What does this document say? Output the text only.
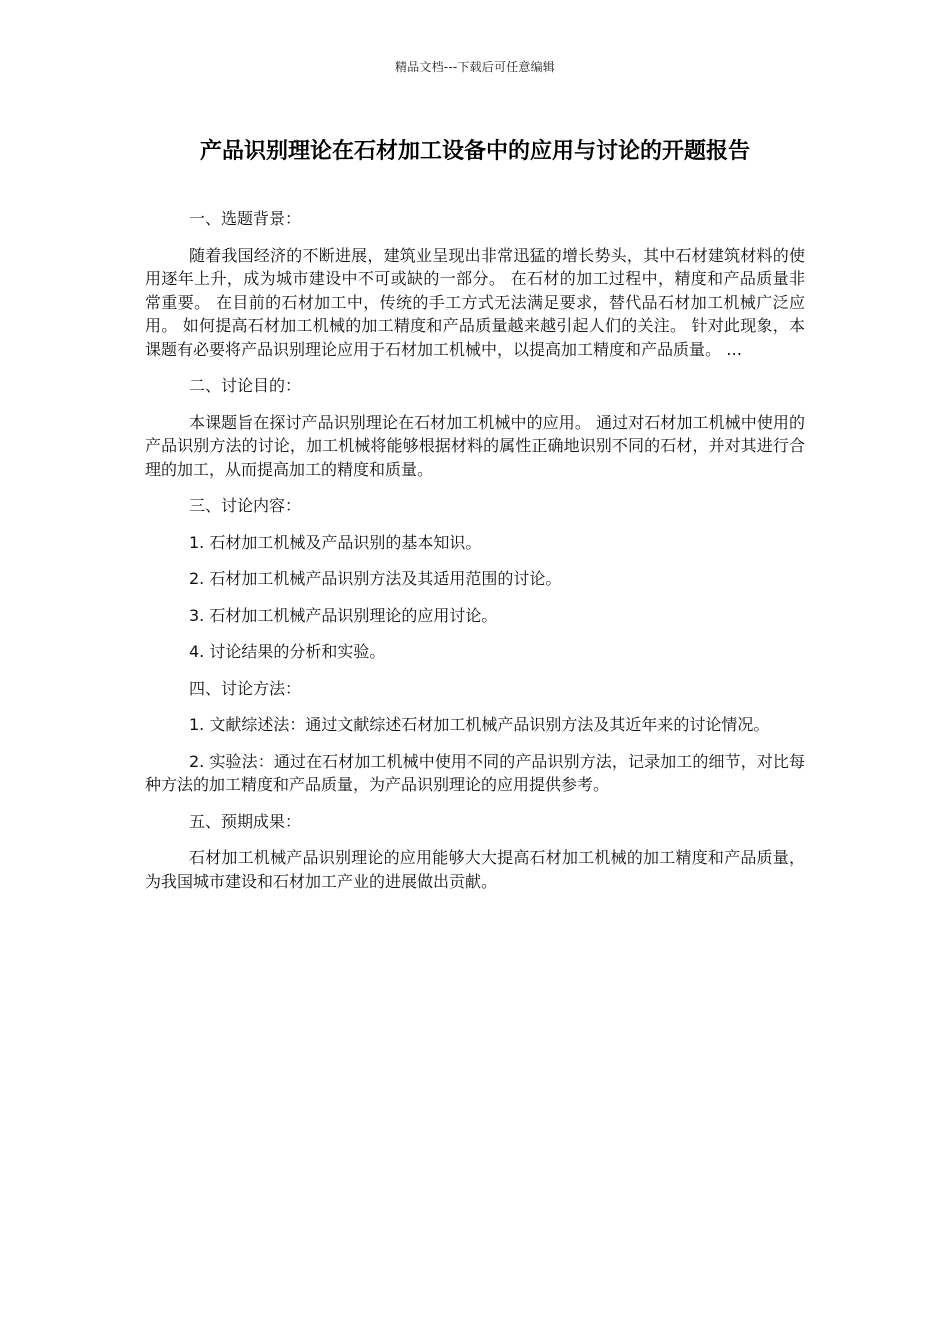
精品文档---下载后可任意编辑
产品识别理论在石材加工设备中的应用与讨论的开题报告

一、选题背景：

随着我国经济的不断进展，建筑业呈现出非常迅猛的增长势头，其中石材建筑材料的使用逐年上升，成为城市建设中不可或缺的一部分。 在石材的加工过程中，精度和产品质量非常重要。 在目前的石材加工中，传统的手工方式无法满足要求，替代品石材加工机械广泛应用。 如何提高石材加工机械的加工精度和产品质量越来越引起人们的关注。 针对此现象，本课题有必要将产品识别理论应用于石材加工机械中，以提高加工精度和产品质量。 …

二、讨论目的：

本课题旨在探讨产品识别理论在石材加工机械中的应用。 通过对石材加工机械中使用的产品识别方法的讨论，加工机械将能够根据材料的属性正确地识别不同的石材，并对其进行合理的加工，从而提高加工的精度和质量。

三、讨论内容：

1. 石材加工机械及产品识别的基本知识。

2. 石材加工机械产品识别方法及其适用范围的讨论。

3. 石材加工机械产品识别理论的应用讨论。

4. 讨论结果的分析和实验。

四、讨论方法：

1. 文献综述法：通过文献综述石材加工机械产品识别方法及其近年来的讨论情况。

2. 实验法：通过在石材加工机械中使用不同的产品识别方法，记录加工的细节，对比每种方法的加工精度和产品质量，为产品识别理论的应用提供参考。

五、预期成果：

石材加工机械产品识别理论的应用能够大大提高石材加工机械的加工精度和产品质量，为我国城市建设和石材加工产业的进展做出贡献。
